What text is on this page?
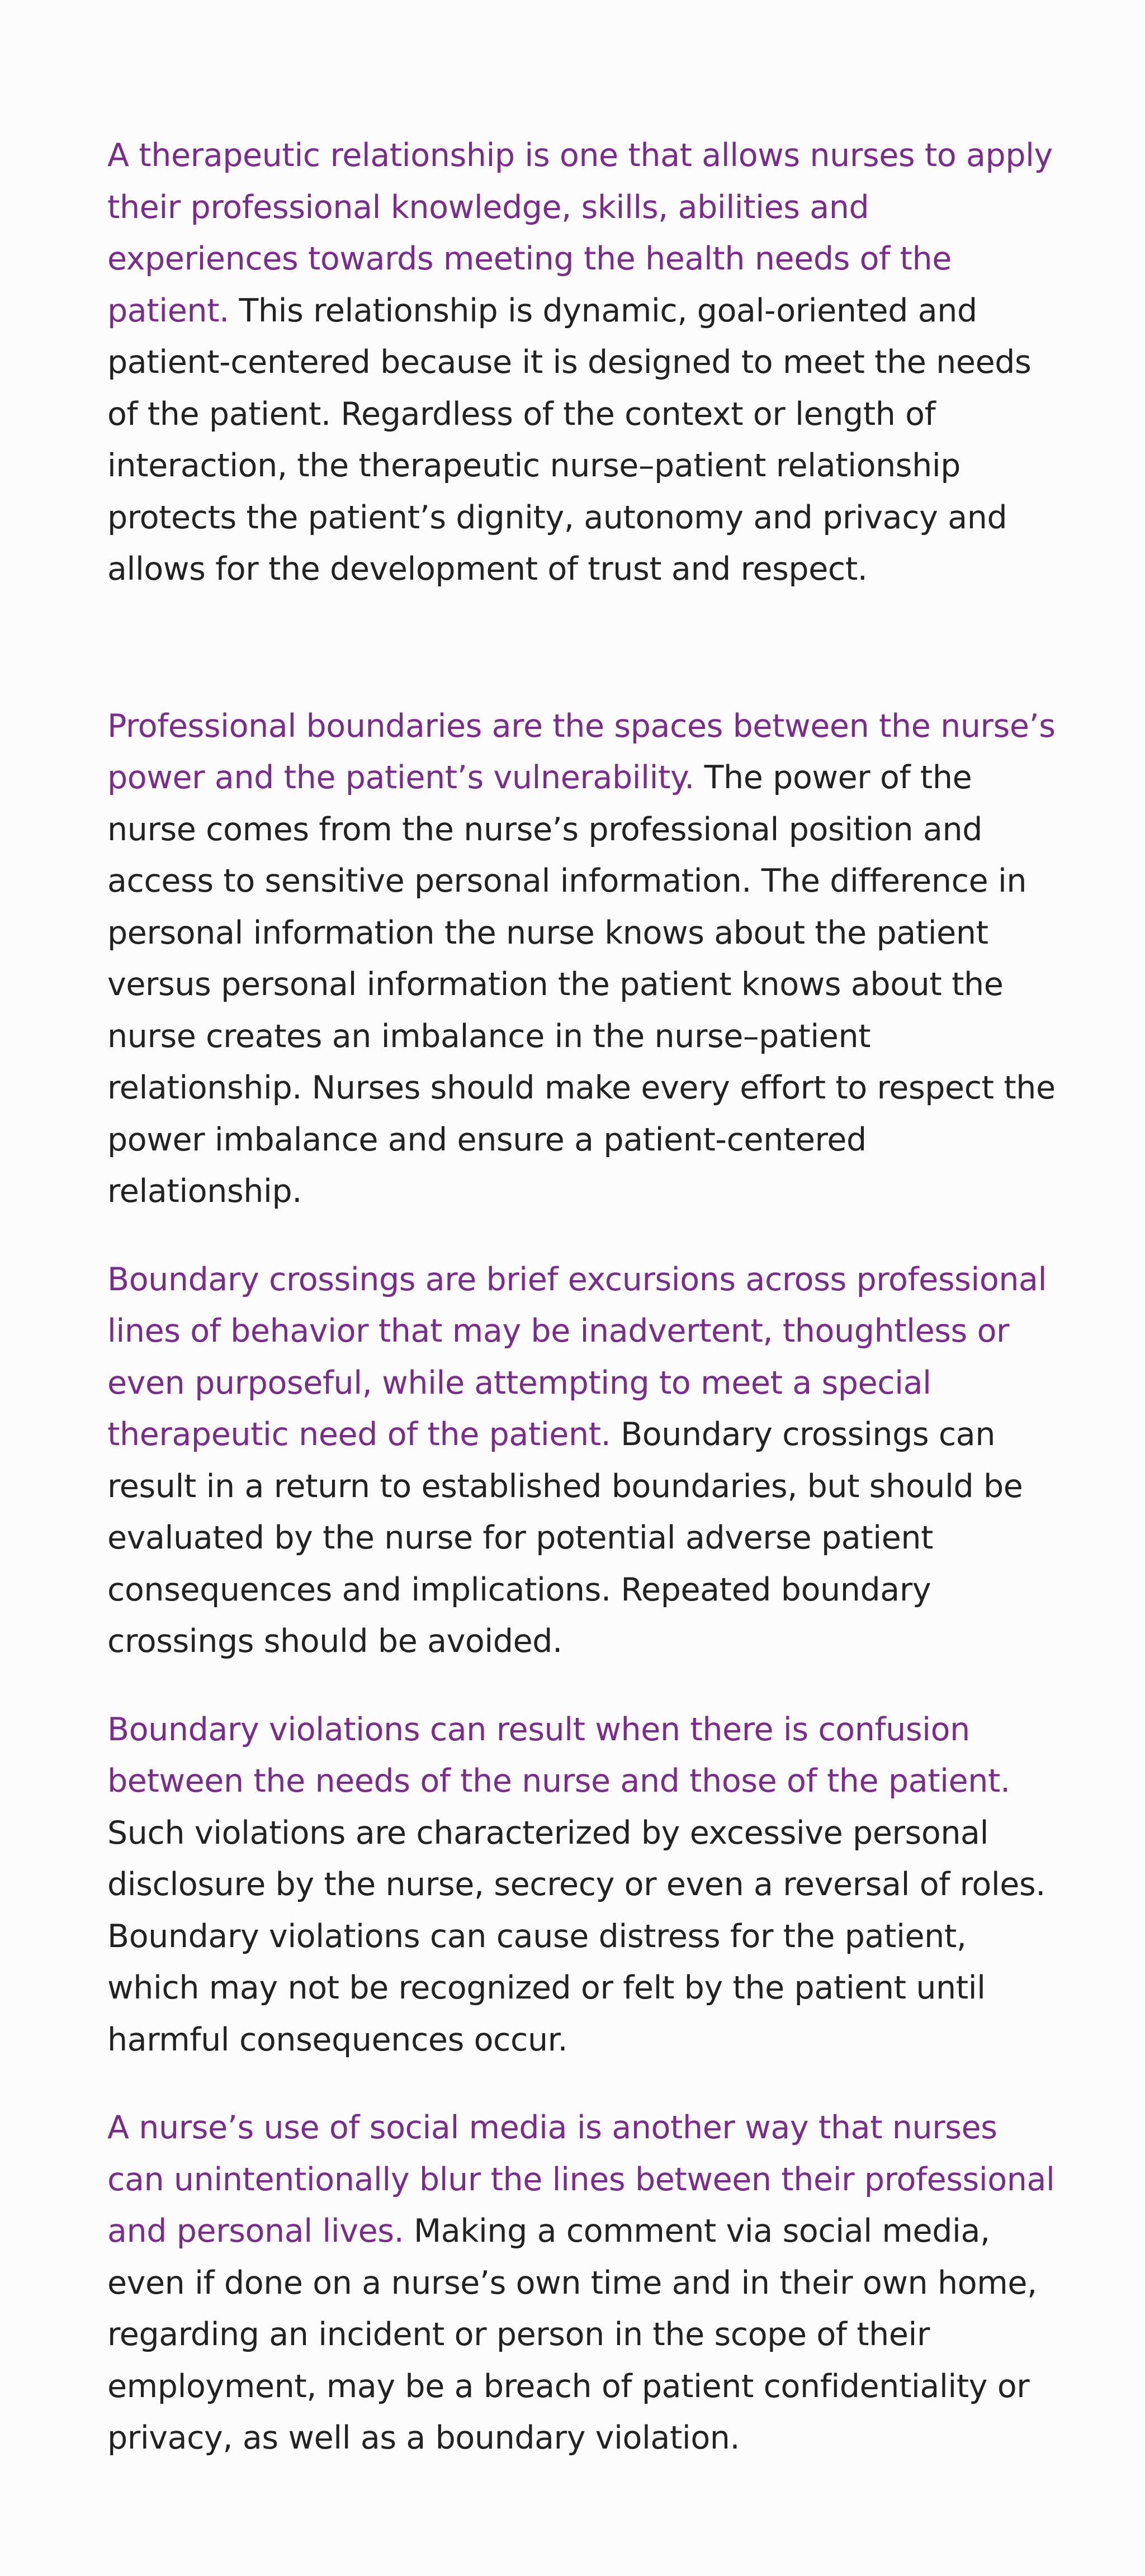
A therapeutic relationship is one that allows nurses to apply their professional knowledge, skills, abilities and experiences towards meeting the health needs of the patient. This relationship is dynamic, goal-oriented and patient-centered because it is designed to meet the needs of the patient. Regardless of the context or length of interaction, the therapeutic nurse–patient relationship protects the patient’s dignity, autonomy and privacy and allows for the development of trust and respect.

Professional boundaries are the spaces between the nurse’s power and the patient’s vulnerability. The power of the nurse comes from the nurse’s professional position and access to sensitive personal information. The difference in personal information the nurse knows about the patient versus personal information the patient knows about the nurse creates an imbalance in the nurse–patient relationship. Nurses should make every effort to respect the power imbalance and ensure a patient-centered relationship.

Boundary crossings are brief excursions across professional lines of behavior that may be inadvertent, thoughtless or even purposeful, while attempting to meet a special therapeutic need of the patient. Boundary crossings can result in a return to established boundaries, but should be evaluated by the nurse for potential adverse patient consequences and implications. Repeated boundary crossings should be avoided.

Boundary violations can result when there is confusion between the needs of the nurse and those of the patient. Such violations are characterized by excessive personal disclosure by the nurse, secrecy or even a reversal of roles. Boundary violations can cause distress for the patient, which may not be recognized or felt by the patient until harmful consequences occur.

A nurse’s use of social media is another way that nurses can unintentionally blur the lines between their professional and personal lives. Making a comment via social media, even if done on a nurse’s own time and in their own home, regarding an incident or person in the scope of their employment, may be a breach of patient confidentiality or privacy, as well as a boundary violation.
